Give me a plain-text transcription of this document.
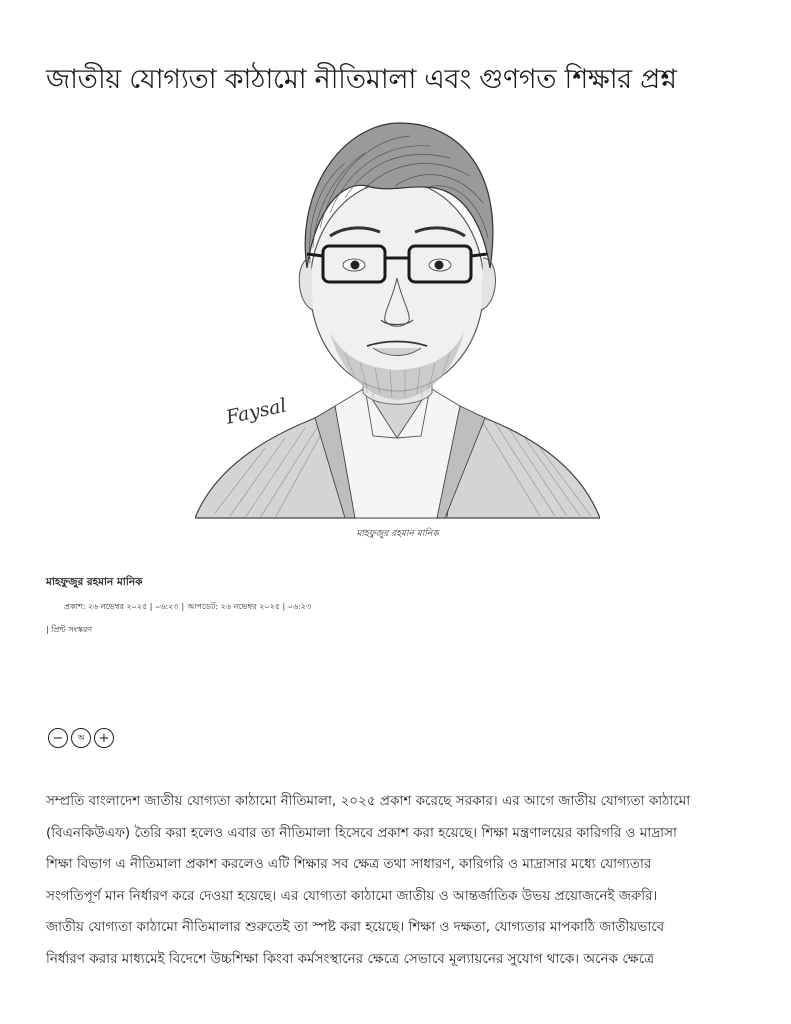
জাতীয় যোগ্যতা কাঠামো নীতিমালা এবং গুণগত শিক্ষার প্রশ্ন
Faysal
মাহফুজুর রহমান মানিক
মাহফুজুর রহমান মানিক
প্রকাশ: ২৬ নভেম্বর ২০২৫ | ০৬:২৩ | আপডেট: ২৬ নভেম্বর ২০২৫ | ০৬:২৩
| প্রিন্ট সংস্করণ
−	অ	+
সম্প্রতি বাংলাদেশ জাতীয় যোগ্যতা কাঠামো নীতিমালা, ২০২৫ প্রকাশ করেছে সরকার। এর আগে জাতীয় যোগ্যতা কাঠামো
(বিএনকিউএফ) তৈরি করা হলেও এবার তা নীতিমালা হিসেবে প্রকাশ করা হয়েছে। শিক্ষা মন্ত্রণালয়ের কারিগরি ও মাদ্রাসা
শিক্ষা বিভাগ এ নীতিমালা প্রকাশ করলেও এটি শিক্ষার সব ক্ষেত্র তথা সাধারণ, কারিগরি ও মাদ্রাসার মধ্যে যোগ্যতার
সংগতিপূর্ণ মান নির্ধারণ করে দেওয়া হয়েছে। এর যোগ্যতা কাঠামো জাতীয় ও আন্তর্জাতিক উভয় প্রয়োজনেই জরুরি।
জাতীয় যোগ্যতা কাঠামো নীতিমালার শুরুতেই তা স্পষ্ট করা হয়েছে। শিক্ষা ও দক্ষতা, যোগ্যতার মাপকাঠি জাতীয়ভাবে
নির্ধারণ করার মাধ্যমেই বিদেশে উচ্চশিক্ষা কিংবা কর্মসংস্থানের ক্ষেত্রে সেভাবে মূল্যায়নের সুযোগ থাকে। অনেক ক্ষেত্রে
